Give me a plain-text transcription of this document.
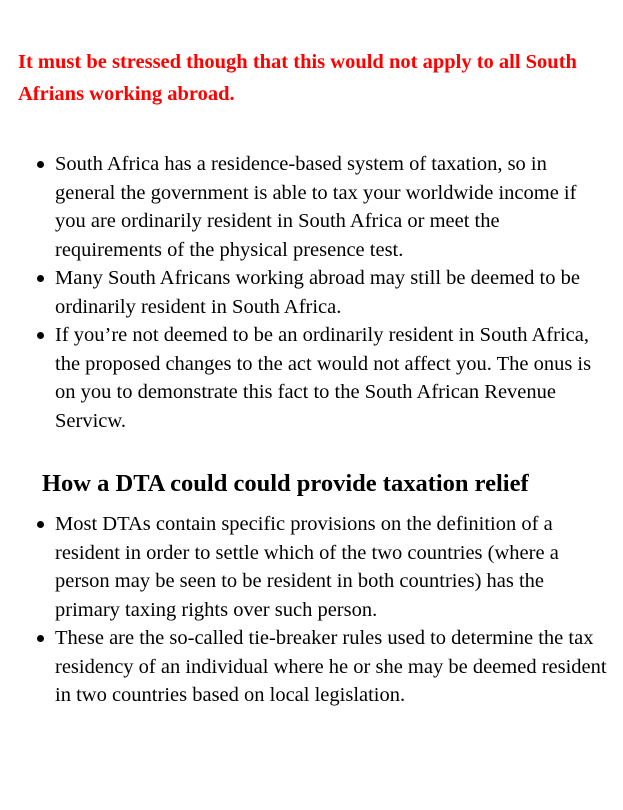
It must be stressed though that this would not apply to all South Afrians working abroad.

South Africa has a residence-based system of taxation, so in general the government is able to tax your worldwide income if you are ordinarily resident in South Africa or meet the requirements of the physical presence test.
Many South Africans working abroad may still be deemed to be ordinarily resident in South Africa.
If you’re not deemed to be an ordinarily resident in South Africa, the proposed changes to the act would not affect you. The onus is on you to demonstrate this fact to the South African Revenue Servicw.
How a DTA could could provide taxation relief
Most DTAs contain specific provisions on the definition of a resident in order to settle which of the two countries (where a person may be seen to be resident in both countries) has the primary taxing rights over such person.
These are the so-called tie-breaker rules used to determine the tax residency of an individual where he or she may be deemed resident in two countries based on local legislation.
